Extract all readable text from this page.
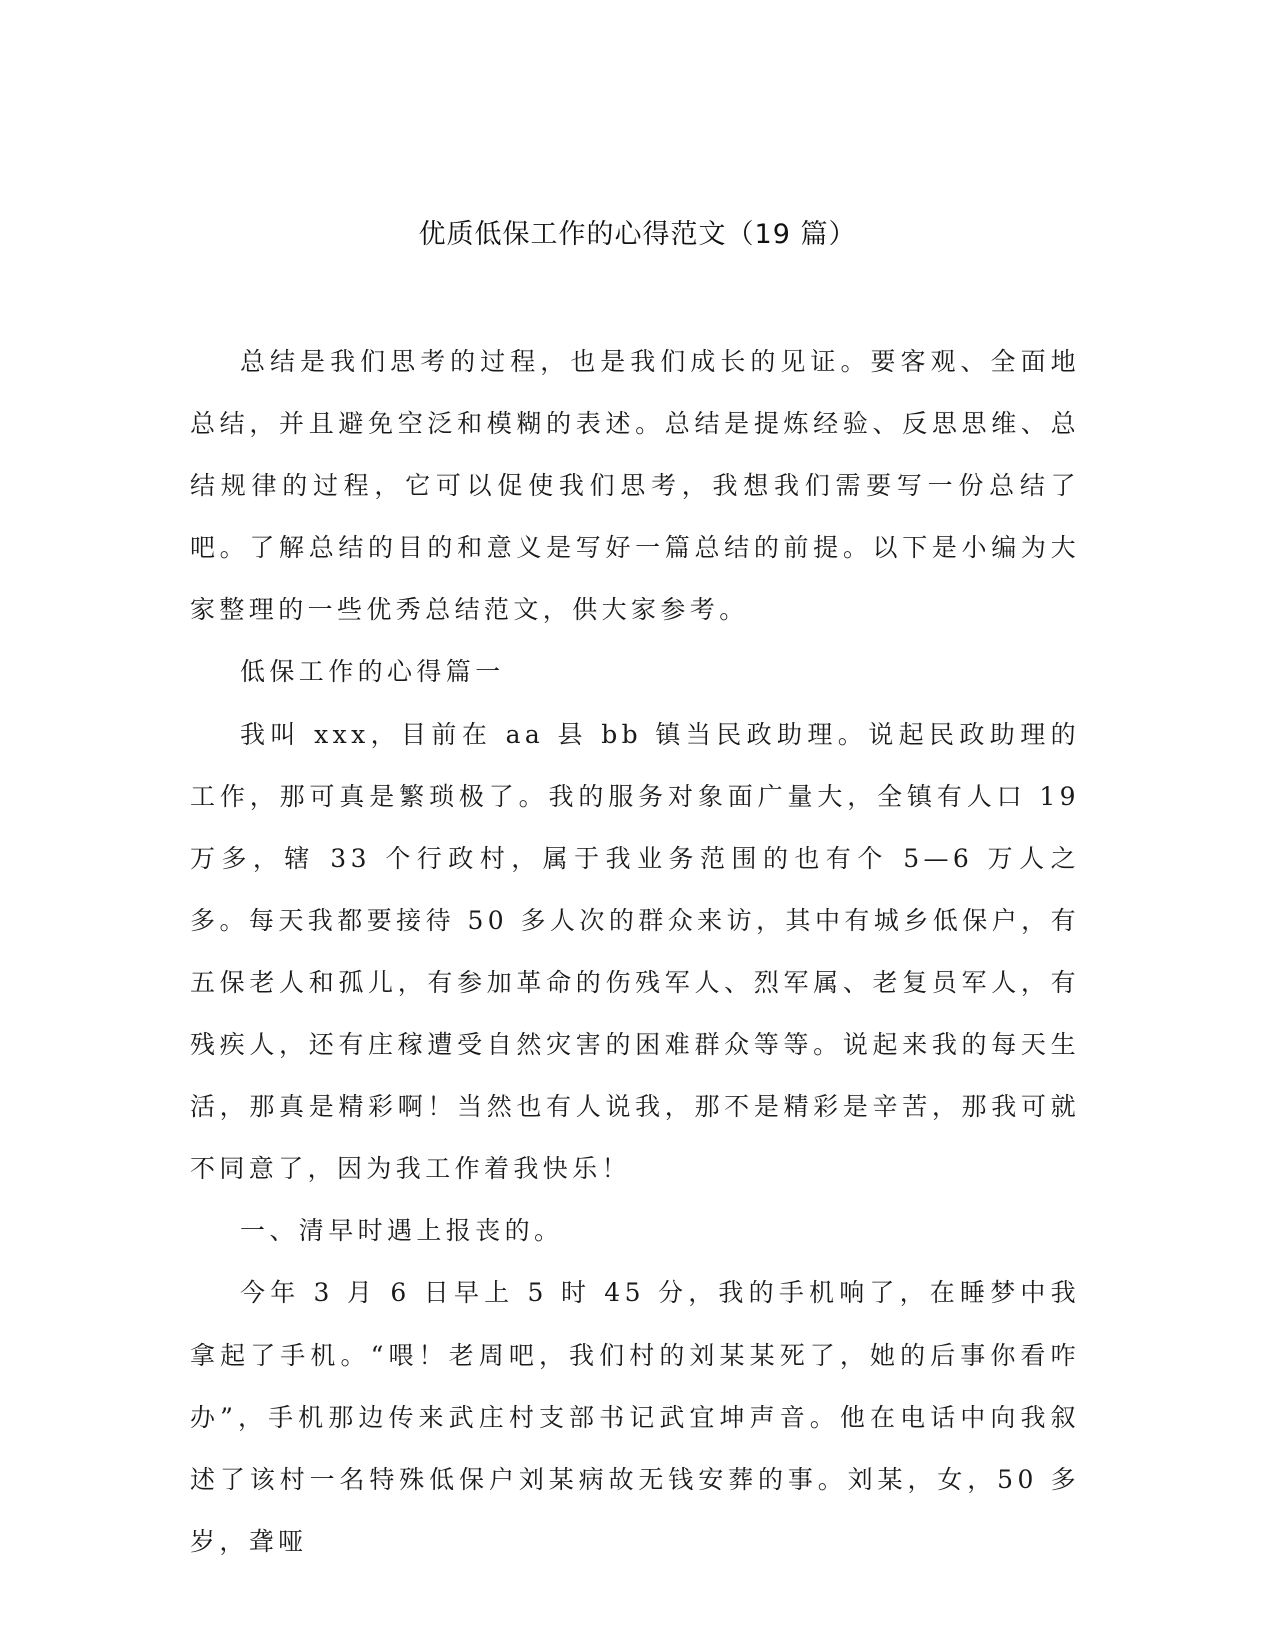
优质低保工作的心得范文（19 篇）

总结是我们思考的过程，也是我们成长的见证。要客观、全面地总结，并且避免空泛和模糊的表述。总结是提炼经验、反思思维、总结规律的过程，它可以促使我们思考，我想我们需要写一份总结了吧。了解总结的目的和意义是写好一篇总结的前提。以下是小编为大家整理的一些优秀总结范文，供大家参考。

低保工作的心得篇一

我叫 xxx，目前在 aa 县 bb 镇当民政助理。说起民政助理的工作，那可真是繁琐极了。我的服务对象面广量大，全镇有人口 19 万多，辖 33 个行政村，属于我业务范围的也有个 5—6 万人之多。每天我都要接待 50 多人次的群众来访，其中有城乡低保户，有五保老人和孤儿，有参加革命的伤残军人、烈军属、老复员军人，有残疾人，还有庄稼遭受自然灾害的困难群众等等。说起来我的每天生活，那真是精彩啊！当然也有人说我，那不是精彩是辛苦，那我可就不同意了，因为我工作着我快乐！

一、清早时遇上报丧的。

今年 3 月 6 日早上 5 时 45 分，我的手机响了，在睡梦中我拿起了手机。“喂！老周吧，我们村的刘某某死了，她的后事你看咋办”，手机那边传来武庄村支部书记武宜坤声音。他在电话中向我叙述了该村一名特殊低保户刘某病故无钱安葬的事。刘某，女，50 多岁，聋哑
